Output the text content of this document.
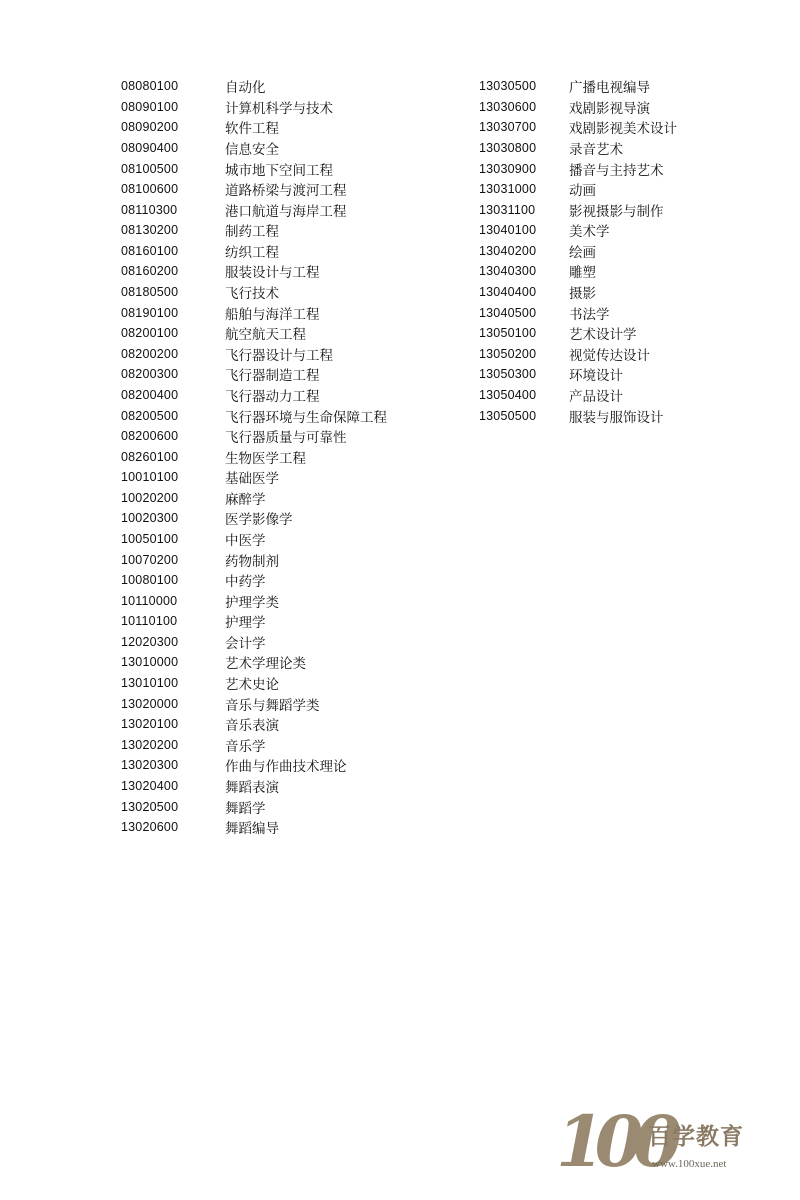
08080100	自动化
08090100	计算机科学与技术
08090200	软件工程
08090400	信息安全
08100500	城市地下空间工程
08100600	道路桥梁与渡河工程
08110300	港口航道与海岸工程
08130200	制药工程
08160100	纺织工程
08160200	服装设计与工程
08180500	飞行技术
08190100	船舶与海洋工程
08200100	航空航天工程
08200200	飞行器设计与工程
08200300	飞行器制造工程
08200400	飞行器动力工程
08200500	飞行器环境与生命保障工程
08200600	飞行器质量与可靠性
08260100	生物医学工程
10010100	基础医学
10020200	麻醉学
10020300	医学影像学
10050100	中医学
10070200	药物制剂
10080100	中药学
10110000	护理学类
10110100	护理学
12020300	会计学
13010000	艺术学理论类
13010100	艺术史论
13020000	音乐与舞蹈学类
13020100	音乐表演
13020200	音乐学
13020300	作曲与作曲技术理论
13020400	舞蹈表演
13020500	舞蹈学
13020600	舞蹈编导
13030500	广播电视编导
13030600	戏剧影视导演
13030700	戏剧影视美术设计
13030800	录音艺术
13030900	播音与主持艺术
13031000	动画
13031100	影视摄影与制作
13040100	美术学
13040200	绘画
13040300	雕塑
13040400	摄影
13040500	书法学
13050100	艺术设计学
13050200	视觉传达设计
13050300	环境设计
13050400	产品设计
13050500	服装与服饰设计
100
百学教育
www.100xue.net
